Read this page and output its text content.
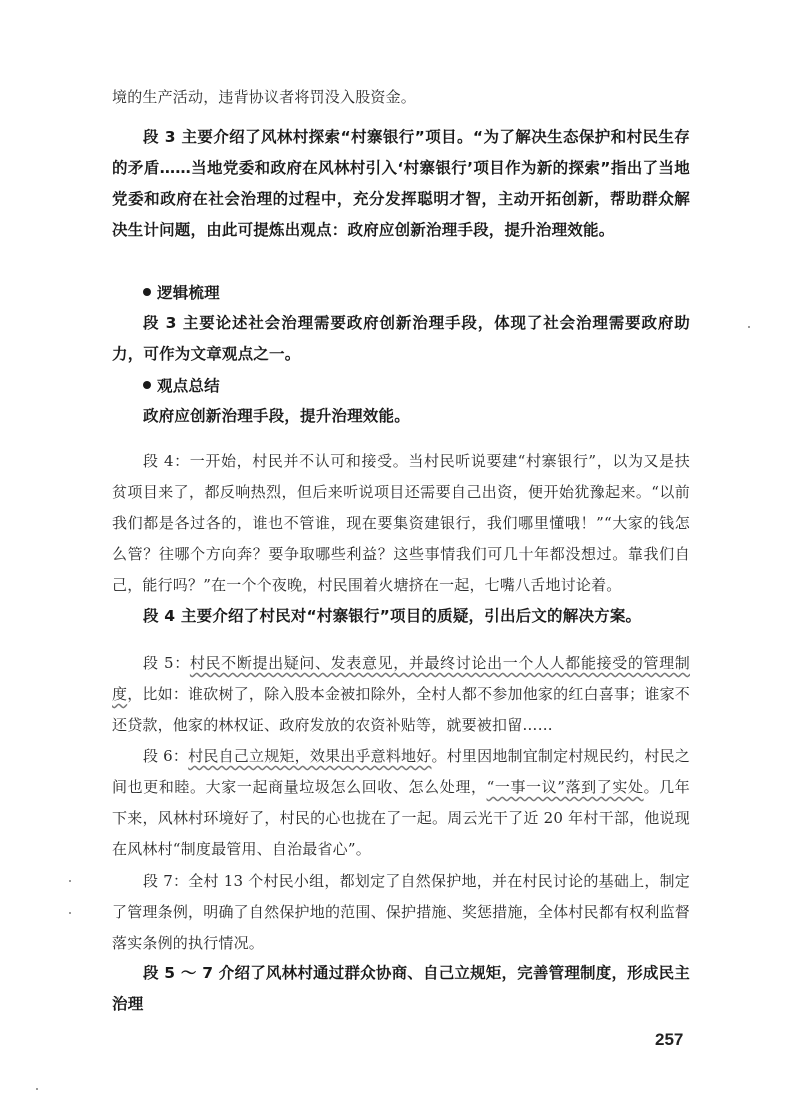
境的生产活动，违背协议者将罚没入股资金。

段 3 主要介绍了风林村探索“村寨银行”项目。“为了解决生态保护和村民生存的矛盾……当地党委和政府在风林村引入‘村寨银行’项目作为新的探索”指出了当地党委和政府在社会治理的过程中，充分发挥聪明才智，主动开拓创新，帮助群众解决生计问题，由此可提炼出观点：政府应创新治理手段，提升治理效能。

逻辑梳理

段 3 主要论述社会治理需要政府创新治理手段，体现了社会治理需要政府助力，可作为文章观点之一。

观点总结

政府应创新治理手段，提升治理效能。

段 4：一开始，村民并不认可和接受。当村民听说要建“村寨银行”，以为又是扶贫项目来了，都反响热烈，但后来听说项目还需要自己出资，便开始犹豫起来。“以前我们都是各过各的，谁也不管谁，现在要集资建银行，我们哪里懂哦！”“大家的钱怎么管？往哪个方向奔？要争取哪些利益？这些事情我们可几十年都没想过。靠我们自己，能行吗？”在一个个夜晚，村民围着火塘挤在一起，七嘴八舌地讨论着。

段 4 主要介绍了村民对“村寨银行”项目的质疑，引出后文的解决方案。

段 5：村民不断提出疑问、发表意见，并最终讨论出一个人人都能接受的管理制度，比如：谁砍树了，除入股本金被扣除外，全村人都不参加他家的红白喜事；谁家不还贷款，他家的林权证、政府发放的农资补贴等，就要被扣留……

段 6：村民自己立规矩，效果出乎意料地好。村里因地制宜制定村规民约，村民之间也更和睦。大家一起商量垃圾怎么回收、怎么处理，“一事一议”落到了实处。几年下来，风林村环境好了，村民的心也拢在了一起。周云光干了近 20 年村干部，他说现在风林村“制度最管用、自治最省心”。

段 7：全村 13 个村民小组，都划定了自然保护地，并在村民讨论的基础上，制定了管理条例，明确了自然保护地的范围、保护措施、奖惩措施，全体村民都有权利监督落实条例的执行情况。

段 5 ～ 7 介绍了风林村通过群众协商、自己立规矩，完善管理制度，形成民主治理

257
